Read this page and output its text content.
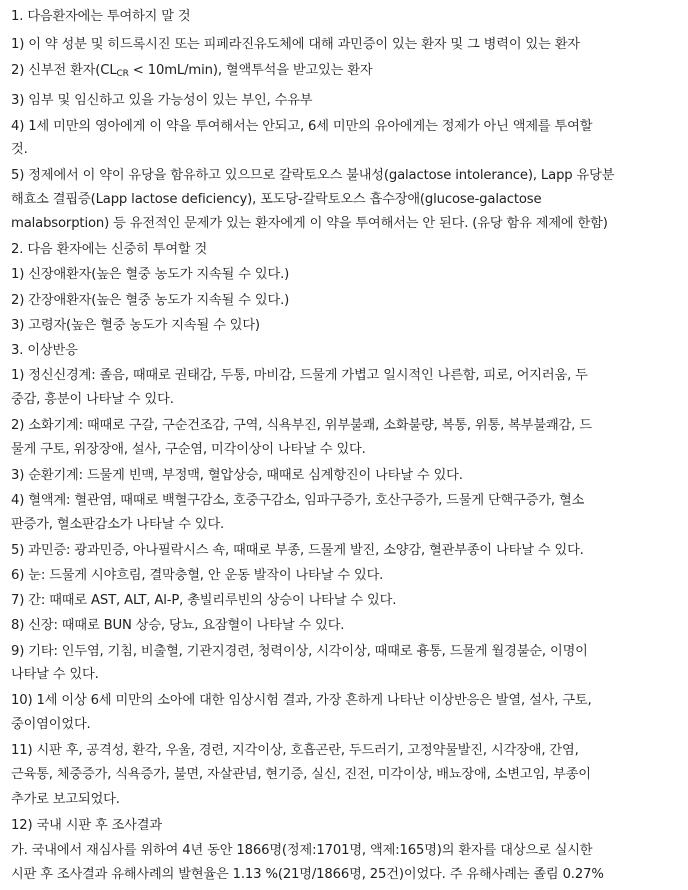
1. 다음환자에는 투여하지 말 것
1) 이 약 성분 및 히드록시진 또는 피페라진유도체에 대해 과민증이 있는 환자 및 그 병력이 있는 환자
2) 신부전 환자$(CL_{CR} < 10mL/\min)$, 혈액투석을 받고있는 환자
3) 임부 및 임신하고 있을 가능성이 있는 부인, 수유부
4) 1세 미만의 영아에게 이 약을 투여해서는 안되고, 6세 미만의 유아에게는 정제가 아닌 액제를 투여할
것.
5) 정제에서 이 약이 유당을 함유하고 있으므로 갈락토오스 불내성(galactose intolerance), Lapp 유당분
해효소 결핍증(Lapp lactose deficiency), 포도당-갈락토오스 흡수장애(glucose-galactose
malabsorption) 등 유전적인 문제가 있는 환자에게 이 약을 투여해서는 안 된다. (유당 함유 제제에 한함)
2. 다음 환자에는 신중히 투여할 것
1) 신장애환자(높은 혈중 농도가 지속될 수 있다.)
2) 간장애환자(높은 혈중 농도가 지속될 수 있다.)
3) 고령자(높은 혈중 농도가 지속될 수 있다)
3. 이상반응
1) 정신신경계: 졸음, 때때로 권태감, 두통, 마비감, 드물게 가볍고 일시적인 나른함, 피로, 어지러움, 두
중감, 흥분이 나타날 수 있다.
2) 소화기계: 때때로 구갈, 구순건조감, 구역, 식욕부진, 위부불쾌, 소화불량, 복통, 위통, 복부불쾌감, 드
물게 구토, 위장장애, 설사, 구순염, 미각이상이 나타날 수 있다.
3) 순환기계: 드물게 빈맥, 부정맥, 혈압상승, 때때로 심계항진이 나타날 수 있다.
4) 혈액계: 혈관염, 때때로 백혈구감소, 호중구감소, 임파구증가, 호산구증가, 드물게 단핵구증가, 혈소
판증가, 혈소판감소가 나타날 수 있다.
5) 과민증: 광과민증, 아나필락시스 쇽, 때때로 부종, 드물게 발진, 소양감, 혈관부종이 나타날 수 있다.
6) 눈: 드물게 시야흐림, 결막충혈, 안 운동 발작이 나타날 수 있다.
7) 간: 때때로 AST, ALT, Al-P, 총빌리루빈의 상승이 나타날 수 있다.
8) 신장: 때때로 BUN 상승, 당뇨, 요잠혈이 나타날 수 있다.
9) 기타: 인두염, 기침, 비출혈, 기관지경련, 청력이상, 시각이상, 때때로 흉통, 드물게 월경불순, 이명이
나타날 수 있다.
10) 1세 이상 6세 미만의 소아에 대한 임상시험 결과, 가장 흔하게 나타난 이상반응은 발열, 설사, 구토,
중이염이었다.
11) 시판 후, 공격성, 환각, 우울, 경련, 지각이상, 호흡곤란, 두드러기, 고정약물발진, 시각장애, 간염,
근육통, 체중증가, 식욕증가, 불면, 자살관념, 현기증, 실신, 진전, 미각이상, 배뇨장애, 소변고임, 부종이
추가로 보고되었다.
12) 국내 시판 후 조사결과
가. 국내에서 재심사를 위하여 4년 동안 1866명(정제:1701명, 액제:165명)의 환자를 대상으로 실시한
시판 후 조사결과 유해사례의 발현율은 1.13 %(21명/1866명, 25건)이었다. 주 유해사례는 졸림 0.27%
